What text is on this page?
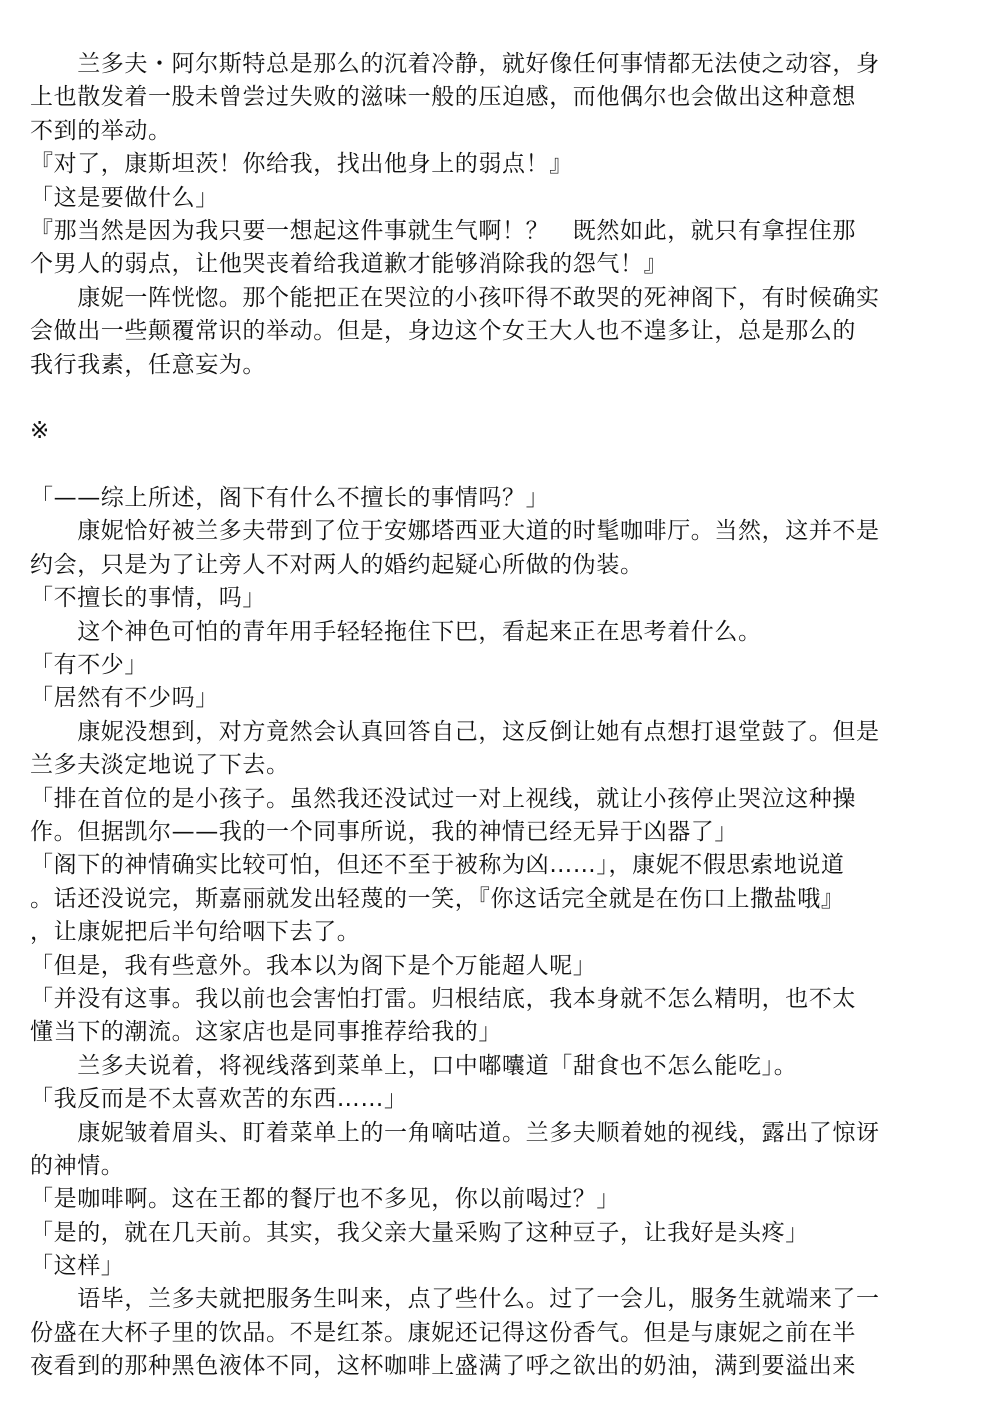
　　兰多夫・阿尔斯特总是那么的沉着冷静，就好像任何事情都无法使之动容，身
上也散发着一股未曾尝过失败的滋味一般的压迫感，而他偶尔也会做出这种意想
不到的举动。
『对了，康斯坦茨！你给我，找出他身上的弱点！』
「这是要做什么」
『那当然是因为我只要一想起这件事就生气啊！？　既然如此，就只有拿捏住那
个男人的弱点，让他哭丧着给我道歉才能够消除我的怨气！』
　　康妮一阵恍惚。那个能把正在哭泣的小孩吓得不敢哭的死神阁下，有时候确实
会做出一些颠覆常识的举动。但是，身边这个女王大人也不遑多让，总是那么的
我行我素，任意妄为。
※
「——综上所述，阁下有什么不擅长的事情吗？」
　　康妮恰好被兰多夫带到了位于安娜塔西亚大道的时髦咖啡厅。当然，这并不是
约会，只是为了让旁人不对两人的婚约起疑心所做的伪装。
「不擅长的事情，吗」
　　这个神色可怕的青年用手轻轻拖住下巴，看起来正在思考着什么。
「有不少」
「居然有不少吗」
　　康妮没想到，对方竟然会认真回答自己，这反倒让她有点想打退堂鼓了。但是
兰多夫淡定地说了下去。
「排在首位的是小孩子。虽然我还没试过一对上视线，就让小孩停止哭泣这种操
作。但据凯尔——我的一个同事所说，我的神情已经无异于凶器了」
「阁下的神情确实比较可怕，但还不至于被称为凶……」，康妮不假思索地说道
。话还没说完，斯嘉丽就发出轻蔑的一笑，『你这话完全就是在伤口上撒盐哦』
，让康妮把后半句给咽下去了。
「但是，我有些意外。我本以为阁下是个万能超人呢」
「并没有这事。我以前也会害怕打雷。归根结底，我本身就不怎么精明，也不太
懂当下的潮流。这家店也是同事推荐给我的」
　　兰多夫说着，将视线落到菜单上，口中嘟囔道「甜食也不怎么能吃」。
「我反而是不太喜欢苦的东西……」
　　康妮皱着眉头、盯着菜单上的一角嘀咕道。兰多夫顺着她的视线，露出了惊讶
的神情。
「是咖啡啊。这在王都的餐厅也不多见，你以前喝过？」
「是的，就在几天前。其实，我父亲大量采购了这种豆子，让我好是头疼」
「这样」
　　语毕，兰多夫就把服务生叫来，点了些什么。过了一会儿，服务生就端来了一
份盛在大杯子里的饮品。不是红茶。康妮还记得这份香气。但是与康妮之前在半
夜看到的那种黑色液体不同，这杯咖啡上盛满了呼之欲出的奶油，满到要溢出来
